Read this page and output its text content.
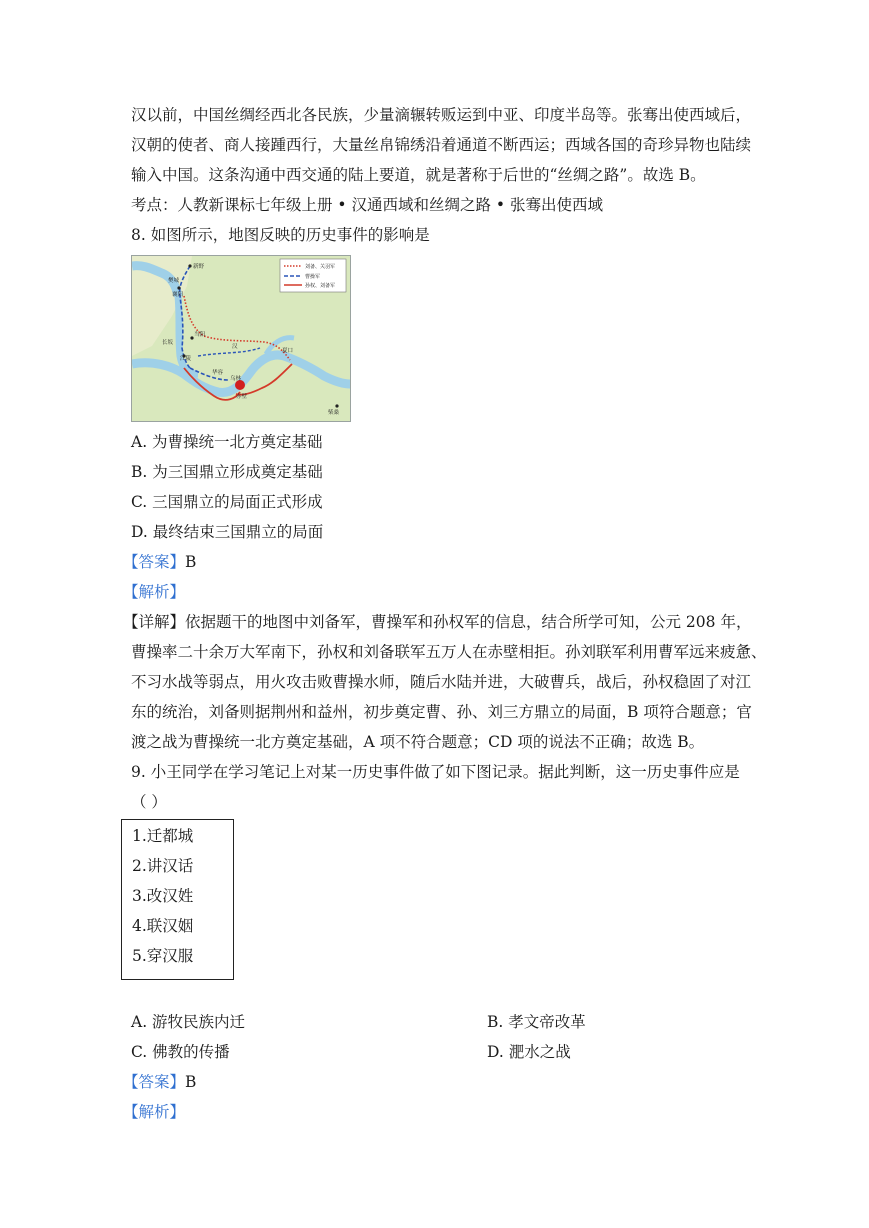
汉以前，中国丝绸经西北各民族，少量滴辗转贩运到中亚、印度半岛等。张骞出使西域后，
汉朝的使者、商人接踵西行，大量丝帛锦绣沿着通道不断西运；西域各国的奇珍异物也陆续
输入中国。这条沟通中西交通的陆上要道，就是著称于后世的“丝绸之路”。故选 B。
考点：人教新课标七年级上册 • 汉通西域和丝绸之路 • 张骞出使西域
8. 如图所示，地图反映的历史事件的影响是
刘备、关羽军
曹操军
孙权、刘备军
新野
樊城
襄阳
当阳
长坂
江陵
华容
乌林
赤壁
柴桑
汉
夏口
A. 为曹操统一北方奠定基础
B. 为三国鼎立形成奠定基础
C. 三国鼎立的局面正式形成
D. 最终结束三国鼎立的局面
【答案】B
【解析】
【详解】依据题干的地图中刘备军，曹操军和孙权军的信息，结合所学可知，公元 208 年，
曹操率二十余万大军南下，孙权和刘备联军五万人在赤壁相拒。孙刘联军利用曹军远来疲惫、
不习水战等弱点，用火攻击败曹操水师，随后水陆并进，大破曹兵，战后，孙权稳固了对江
东的统治，刘备则据荆州和益州，初步奠定曹、孙、刘三方鼎立的局面，B 项符合题意；官
渡之战为曹操统一北方奠定基础，A 项不符合题意；CD 项的说法不正确；故选 B。
9. 小王同学在学习笔记上对某一历史事件做了如下图记录。据此判断，这一历史事件应是
（ ）
1.迁都城
2.讲汉话
3.改汉姓
4.联汉姻
5.穿汉服
A. 游牧民族内迁	B. 孝文帝改革
C. 佛教的传播	D. 淝水之战
【答案】B
【解析】
